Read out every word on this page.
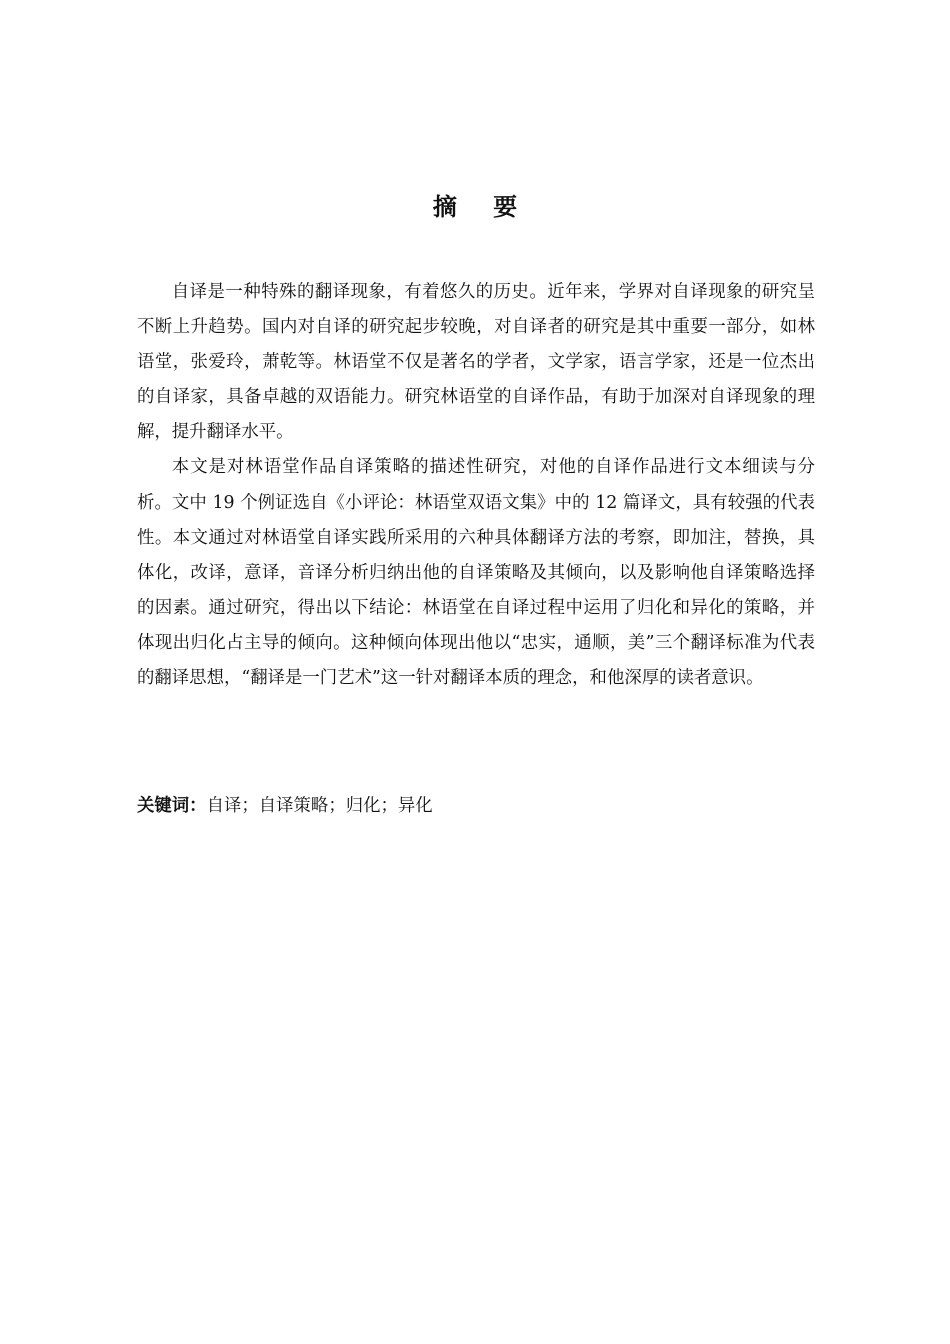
摘 要

自译是一种特殊的翻译现象，有着悠久的历史。近年来，学界对自译现象的研究呈不断上升趋势。国内对自译的研究起步较晚，对自译者的研究是其中重要一部分，如林语堂，张爱玲，萧乾等。林语堂不仅是著名的学者，文学家，语言学家，还是一位杰出的自译家，具备卓越的双语能力。研究林语堂的自译作品，有助于加深对自译现象的理解，提升翻译水平。

本文是对林语堂作品自译策略的描述性研究，对他的自译作品进行文本细读与分析。文中 19 个例证选自《小评论：林语堂双语文集》中的 12 篇译文，具有较强的代表性。本文通过对林语堂自译实践所采用的六种具体翻译方法的考察，即加注，替换，具体化，改译，意译，音译分析归纳出他的自译策略及其倾向，以及影响他自译策略选择的因素。通过研究，得出以下结论：林语堂在自译过程中运用了归化和异化的策略，并体现出归化占主导的倾向。这种倾向体现出他以“忠实，通顺，美”三个翻译标准为代表的翻译思想，“翻译是一门艺术”这一针对翻译本质的理念，和他深厚的读者意识。

关键词：自译；自译策略；归化；异化
